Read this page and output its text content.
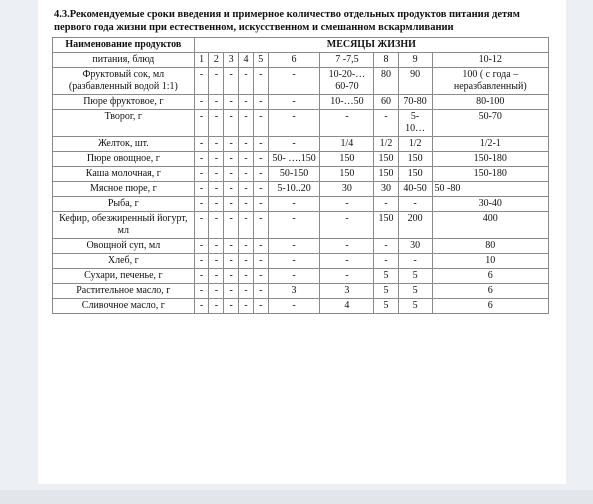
4.3.Рекомендуемые сроки введения и примерное количество отдельных продуктов питания детям первого года жизни при естественном, искусственном и смешанном вскармливании
Наименование продуктов	МЕСЯЦЫ ЖИЗНИ									
питания, блюд	1	2	3	4	5	6	7 -7,5	8	9	10-12
Фруктовый сок, мл (разбавленный водой 1:1)	-	-	-	-	-	-	10-20-… 60-70	80	90	100 ( с года – неразбавленный)
Пюре фруктовое, г	-	-	-	-	-	-	10-…50	60	70-80	80-100
Творог, г	-	-	-	-	-	-	-	-	5- 10…	50-70
Желток, шт.	-	-	-	-	-	-	1/4	1/2	1/2	1/2-1
Пюре овощное, г	-	-	-	-	-	50- ….150	150	150	150	150-180
Каша молочная, г	-	-	-	-	-	50-150	150	150	150	150-180
Мясное пюре, г	-	-	-	-	-	5-10..20	30	30	40-50	50 -80
Рыба, г	-	-	-	-	-	-	-	-	-	30-40
Кефир, обезжиренный йогурт, мл	-	-	-	-	-	-	-	150	200	400
Овощной суп, мл	-	-	-	-	-	-	-	-	30	80
Хлеб, г	-	-	-	-	-	-	-	-	-	10
Сухари, печенье, г	-	-	-	-	-	-	-	5	5	6
Растительное масло, г	-	-	-	-	-	3	3	5	5	6
Сливочное масло, г	-	-	-	-	-	-	4	5	5	6
